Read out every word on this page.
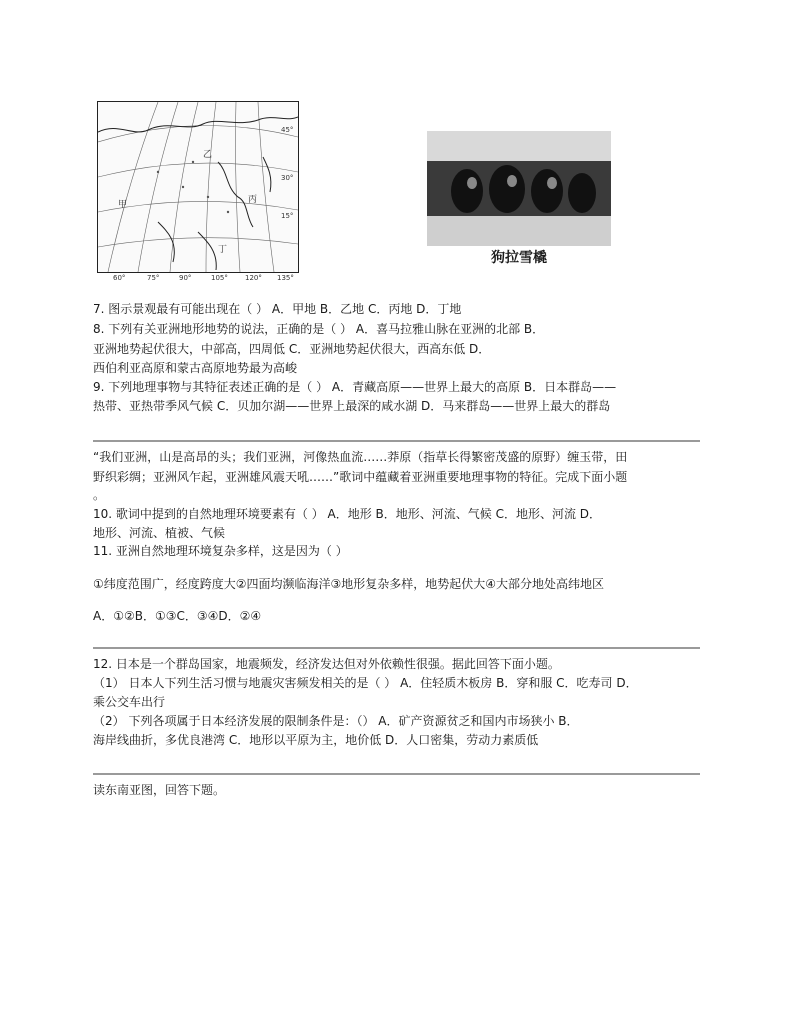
乙
甲
丁
丙
45°
30°
15°
60°	75°	90°	105° 120° 135°
狗拉雪橇
7. 图示景观最有可能出现在（ ） A．甲地 B．乙地 C．丙地 D．丁地
8. 下列有关亚洲地形地势的说法，正确的是（ ） A．喜马拉雅山脉在亚洲的北部 B．
亚洲地势起伏很大，中部高，四周低 C．亚洲地势起伏很大，西高东低 D．
西伯利亚高原和蒙古高原地势最为高峻
9. 下列地理事物与其特征表述正确的是（ ） A．青藏高原——世界上最大的高原 B．日本群岛——
热带、亚热带季风气候 C．贝加尔湖——世界上最深的咸水湖 D．马来群岛——世界上最大的群岛
“我们亚洲，山是高昂的头；我们亚洲，河像热血流……莽原（指草长得繁密茂盛的原野）缠玉带，田
野织彩绸；亚洲风乍起，亚洲雄风震天吼……”歌词中蕴藏着亚洲重要地理事物的特征。完成下面小题
。
10. 歌词中提到的自然地理环境要素有（ ） A．地形 B．地形、河流、气候 C．地形、河流 D．
地形、河流、植被、气候
11. 亚洲自然地理环境复杂多样，这是因为（ ）
①纬度范围广，经度跨度大②四面均濒临海洋③地形复杂多样，地势起伏大④大部分地处高纬地区
A．①②B．①③C．③④D．②④
12. 日本是一个群岛国家，地震频发，经济发达但对外依赖性很强。据此回答下面小题。
（1） 日本人下列生活习惯与地震灾害频发相关的是（ ） A．住轻质木板房 B．穿和服 C．吃寿司 D．
乘公交车出行
（2） 下列各项属于日本经济发展的限制条件是：（） A．矿产资源贫乏和国内市场狭小 B．
海岸线曲折，多优良港湾 C．地形以平原为主，地价低 D．人口密集，劳动力素质低
读东南亚图，回答下题。
